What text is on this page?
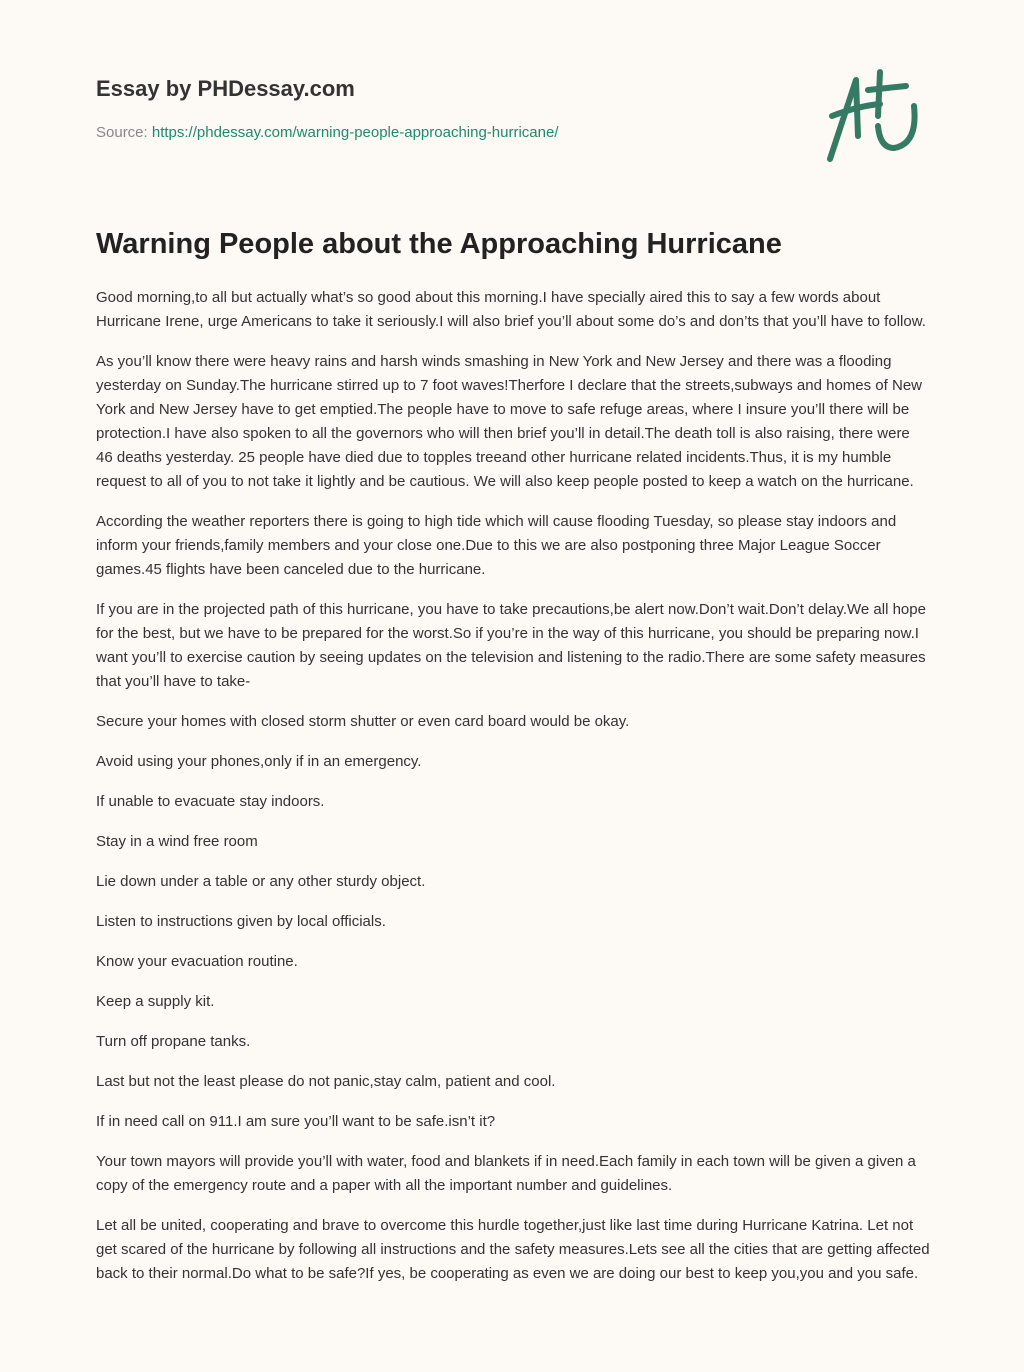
Essay by PHDessay.com
Source: https://phdessay.com/warning-people-approaching-hurricane/
Warning People about the Approaching Hurricane

Good morning,to all but actually what’s so good about this morning.I have specially aired this to say a few words about Hurricane Irene, urge Americans to take it seriously.I will also brief you’ll about some do’s and don’ts that you’ll have to follow.

As you’ll know there were heavy rains and harsh winds smashing in New York and New Jersey and there was a flooding yesterday on Sunday.The hurricane stirred up to 7 foot waves!Therfore I declare that the streets,subways and homes of New York and New Jersey have to get emptied.The people have to move to safe refuge areas, where I insure you’ll there will be protection.I have also spoken to all the governors who will then brief you’ll in detail.The death toll is also raising, there were 46 deaths yesterday. 25 people have died due to topples treeand other hurricane related incidents.Thus, it is my humble request to all of you to not take it lightly and be cautious. We will also keep people posted to keep a watch on the hurricane.

According the weather reporters there is going to high tide which will cause flooding Tuesday, so please stay indoors and inform your friends,family members and your close one.Due to this we are also postponing three Major League Soccer games.45 flights have been canceled due to the hurricane.

If you are in the projected path of this hurricane, you have to take precautions,be alert now.Don’t wait.Don’t delay.We all hope for the best, but we have to be prepared for the worst.So if you’re in the way of this hurricane, you should be preparing now.I want you’ll to exercise caution by seeing updates on the television and listening to the radio.There are some safety measures that you’ll have to take-

Secure your homes with closed storm shutter or even card board would be okay.

Avoid using your phones,only if in an emergency.

If unable to evacuate stay indoors.

Stay in a wind free room

Lie down under a table or any other sturdy object.

Listen to instructions given by local officials.

Know your evacuation routine.

Keep a supply kit.

Turn off propane tanks.

Last but not the least please do not panic,stay calm, patient and cool.

If in need call on 911.I am sure you’ll want to be safe.isn’t it?

Your town mayors will provide you’ll with water, food and blankets if in need.Each family in each town will be given a given a copy of the emergency route and a paper with all the important number and guidelines.

Let all be united, cooperating and brave to overcome this hurdle together,just like last time during Hurricane Katrina. Let not get scared of the hurricane by following all instructions and the safety measures.Lets see all the cities that are getting affected back to their normal.Do what to be safe?If yes, be cooperating as even we are doing our best to keep you,you and you safe.
